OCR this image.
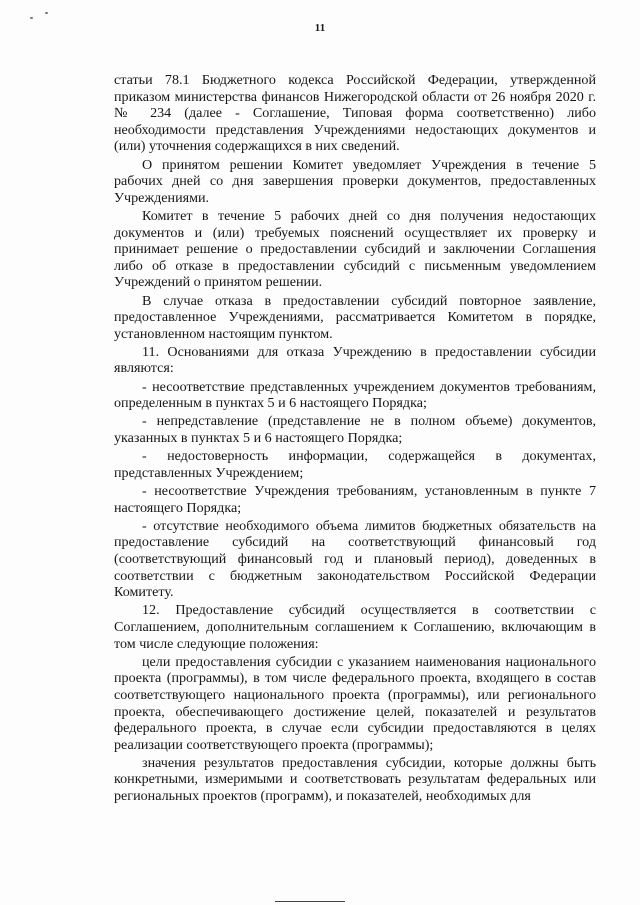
11

статьи 78.1 Бюджетного кодекса Российской Федерации, утвержденной приказом министерства финансов Нижегородской области от 26 ноября 2020 г. № 234 (далее - Соглашение, Типовая форма соответственно) либо необходимости представления Учреждениями недостающих документов и (или) уточнения содержащихся в них сведений.

О принятом решении Комитет уведомляет Учреждения в течение 5 рабочих дней со дня завершения проверки документов, предоставленных Учреждениями.

Комитет в течение 5 рабочих дней со дня получения недостающих документов и (или) требуемых пояснений осуществляет их проверку и принимает решение о предоставлении субсидий и заключении Соглашения либо об отказе в предоставлении субсидий с письменным уведомлением Учреждений о принятом решении.

В случае отказа в предоставлении субсидий повторное заявление, предоставленное Учреждениями, рассматривается Комитетом в порядке, установленном настоящим пунктом.

11. Основаниями для отказа Учреждению в предоставлении субсидии являются:

- несоответствие представленных учреждением документов требованиям, определенным в пунктах 5 и 6 настоящего Порядка;

- непредставление (представление не в полном объеме) документов, указанных в пунктах 5 и 6 настоящего Порядка;

- недостоверность информации, содержащейся в документах, представленных Учреждением;

- несоответствие Учреждения требованиям, установленным в пункте 7 настоящего Порядка;

- отсутствие необходимого объема лимитов бюджетных обязательств на предоставление субсидий на соответствующий финансовый год (соответствующий финансовый год и плановый период), доведенных в соответствии с бюджетным законодательством Российской Федерации Комитету.

12. Предоставление субсидий осуществляется в соответствии с Соглашением, дополнительным соглашением к Соглашению, включающим в том числе следующие положения:

цели предоставления субсидии с указанием наименования национального проекта (программы), в том числе федерального проекта, входящего в состав соответствующего национального проекта (программы), или регионального проекта, обеспечивающего достижение целей, показателей и результатов федерального проекта, в случае если субсидии предоставляются в целях реализации соответствующего проекта (программы);

значения результатов предоставления субсидии, которые должны быть конкретными, измеримыми и соответствовать результатам федеральных или региональных проектов (программ), и показателей, необходимых для
